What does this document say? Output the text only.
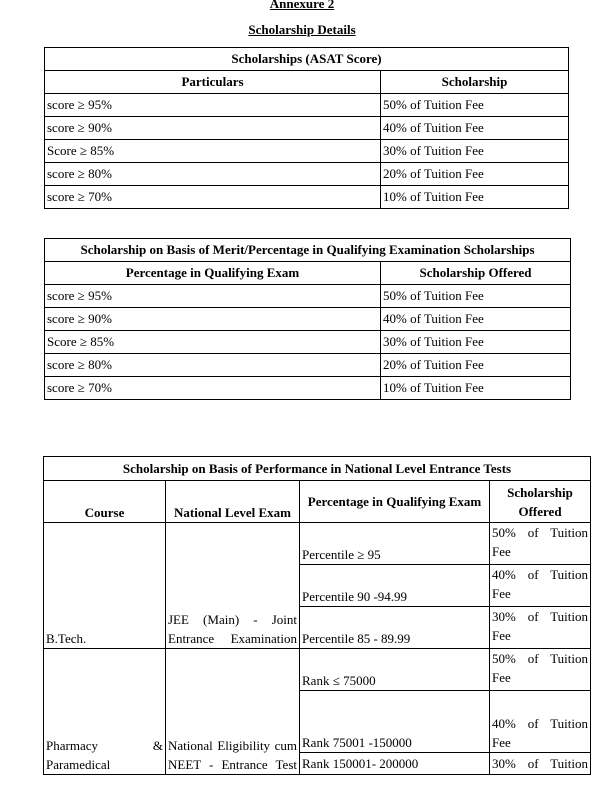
Annexure 2
Scholarship Details
Scholarships (ASAT Score)	
Particulars	Scholarship
score ≥ 95%	50% of Tuition Fee
score ≥ 90%	40% of Tuition Fee
Score ≥ 85%	30% of Tuition Fee
score ≥ 80%	20% of Tuition Fee
score ≥ 70%	10% of Tuition Fee
Scholarship on Basis of Merit/Percentage in Qualifying Examination Scholarships	
Percentage in Qualifying Exam	Scholarship Offered
score ≥ 95%	50% of Tuition Fee
score ≥ 90%	40% of Tuition Fee
Score ≥ 85%	30% of Tuition Fee
score ≥ 80%	20% of Tuition Fee
score ≥ 70%	10% of Tuition Fee
Scholarship on Basis of Performance in National Level Entrance Tests			
Course	National Level Exam	Percentage in Qualifying Exam	Scholarship Offered
B.Tech.	JEE (Main) - Joint Entrance Examination	Percentile ≥ 95	50% of Tuition Fee
		Percentile 90 -94.99	40% of Tuition Fee
		Percentile 85 - 89.99	30% of Tuition Fee
Pharmacy & Paramedical	National Eligibility cum NEET - Entrance Test	Rank ≤ 75000	50% of Tuition Fee
		Rank 75001 -150000	40% of Tuition Fee
		Rank 150001- 200000	30% of Tuition
